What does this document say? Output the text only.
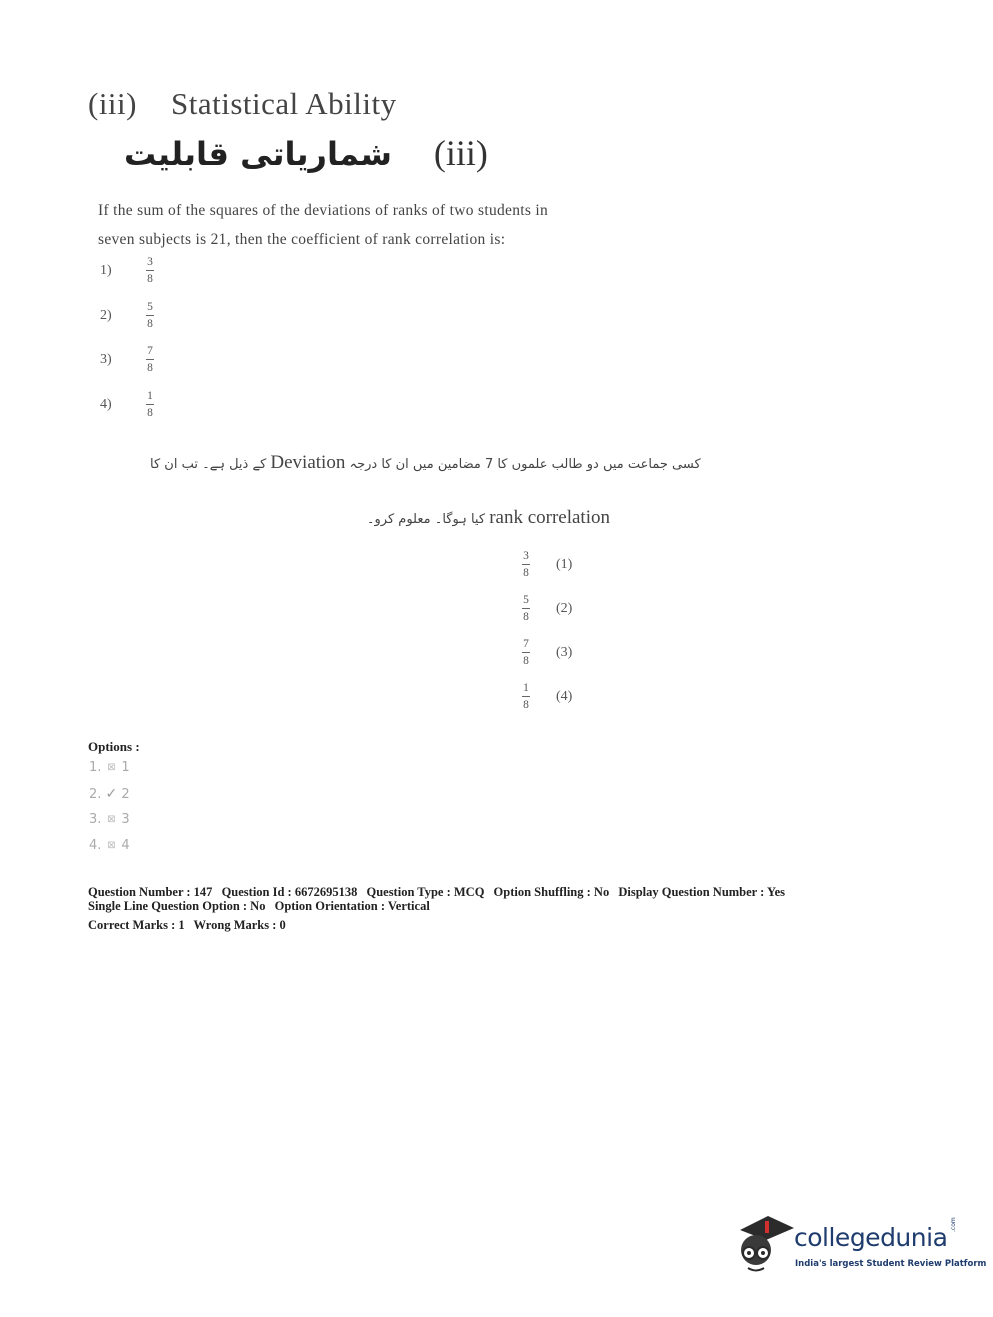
(iii) Statistical Ability
شماریاتی قابلیت (iii)
If the sum of the squares of the deviations of ranks of two students in
seven subjects is 21, then the coefficient of rank correlation is:
1)	$\frac{3}{8}$
2)	$\frac{5}{8}$
3)	$\frac{7}{8}$
4)	$\frac{1}{8}$
کے ذیل ہے۔ تب ان کا Deviation کسی جماعت میں دو طالب علموں کا 7 مضامین میں ان کا درجہ
کیا ہوگا۔ معلوم کرو۔ rank correlation
$\frac{3}{8} (1)$
$\frac{5}{8} (2)$
$\frac{7}{8} (3)$
$\frac{1}{8} (4)$
Options :
1. ⊠ 1
2. ✓ 2
3. ⊠ 3
4. ⊠ 4
Question Number : 147 Question Id : 6672695138 Question Type : MCQ Option Shuffling : No Display Question Number : Yes
Single Line Question Option : No Option Orientation : Vertical
Correct Marks : 1 Wrong Marks : 0
collegedunia .com
India's largest Student Review Platform
